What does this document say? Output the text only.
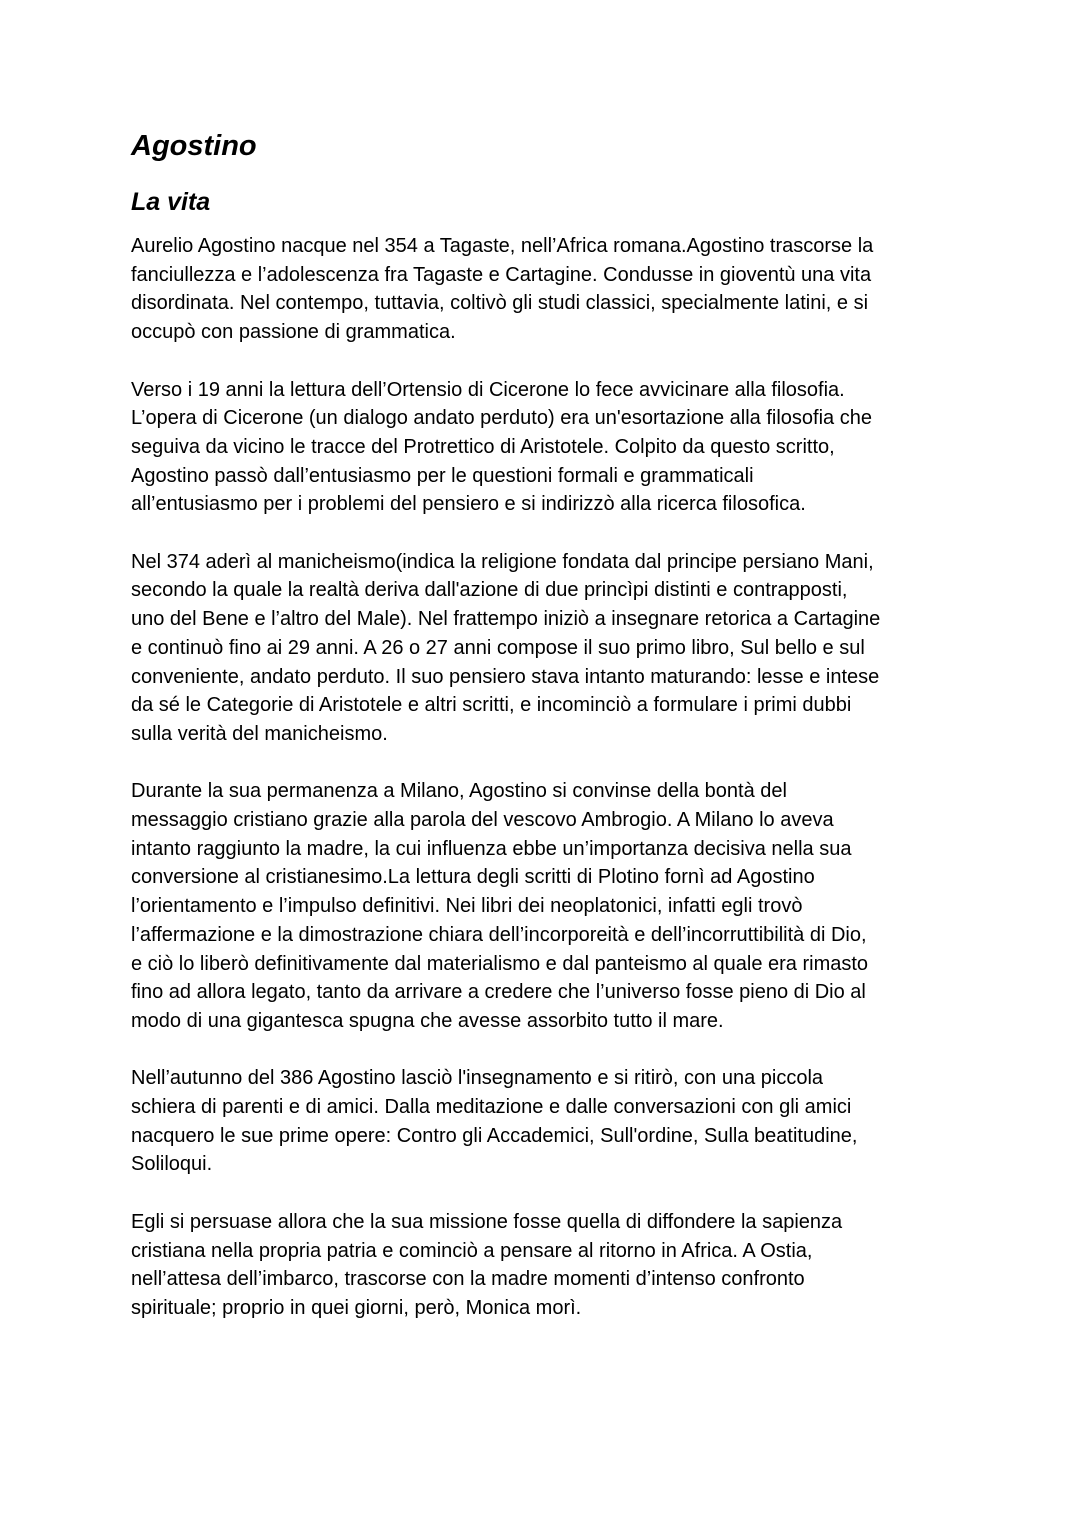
Agostino
La vita
Aurelio Agostino nacque nel 354 a Tagaste, nell’Africa romana.Agostino trascorse la
fanciullezza e l’adolescenza fra Tagaste e Cartagine. Condusse in gioventù una vita
disordinata. Nel contempo, tuttavia, coltivò gli studi classici, specialmente latini, e si
occupò con passione di grammatica.
Verso i 19 anni la lettura dell’Ortensio di Cicerone lo fece avvicinare alla filosofia.
L’opera di Cicerone (un dialogo andato perduto) era un'esortazione alla filosofia che
seguiva da vicino le tracce del Protrettico di Aristotele. Colpito da questo scritto,
Agostino passò dall’entusiasmo per le questioni formali e grammaticali
all’entusiasmo per i problemi del pensiero e si indirizzò alla ricerca filosofica.
Nel 374 aderì al manicheismo(indica la religione fondata dal principe persiano Mani,
secondo la quale la realtà deriva dall'azione di due princìpi distinti e contrapposti,
uno del Bene e l’altro del Male). Nel frattempo iniziò a insegnare retorica a Cartagine
e continuò fino ai 29 anni. A 26 o 27 anni compose il suo primo libro, Sul bello e sul
conveniente, andato perduto. Il suo pensiero stava intanto maturando: lesse e intese
da sé le Categorie di Aristotele e altri scritti, e incominciò a formulare i primi dubbi
sulla verità del manicheismo.
Durante la sua permanenza a Milano, Agostino si convinse della bontà del
messaggio cristiano grazie alla parola del vescovo Ambrogio. A Milano lo aveva
intanto raggiunto la madre, la cui influenza ebbe un’importanza decisiva nella sua
conversione al cristianesimo.La lettura degli scritti di Plotino fornì ad Agostino
l’orientamento e l’impulso definitivi. Nei libri dei neoplatonici, infatti egli trovò
l’affermazione e la dimostrazione chiara dell’incorporeità e dell’incorruttibilità di Dio,
e ciò lo liberò definitivamente dal materialismo e dal panteismo al quale era rimasto
fino ad allora legato, tanto da arrivare a credere che l’universo fosse pieno di Dio al
modo di una gigantesca spugna che avesse assorbito tutto il mare.
Nell’autunno del 386 Agostino lasciò l'insegnamento e si ritirò, con una piccola
schiera di parenti e di amici. Dalla meditazione e dalle conversazioni con gli amici
nacquero le sue prime opere: Contro gli Accademici, Sull'ordine, Sulla beatitudine,
Soliloqui.
Egli si persuase allora che la sua missione fosse quella di diffondere la sapienza
cristiana nella propria patria e cominciò a pensare al ritorno in Africa. A Ostia,
nell’attesa dell’imbarco, trascorse con la madre momenti d’intenso confronto
spirituale; proprio in quei giorni, però, Monica morì.
